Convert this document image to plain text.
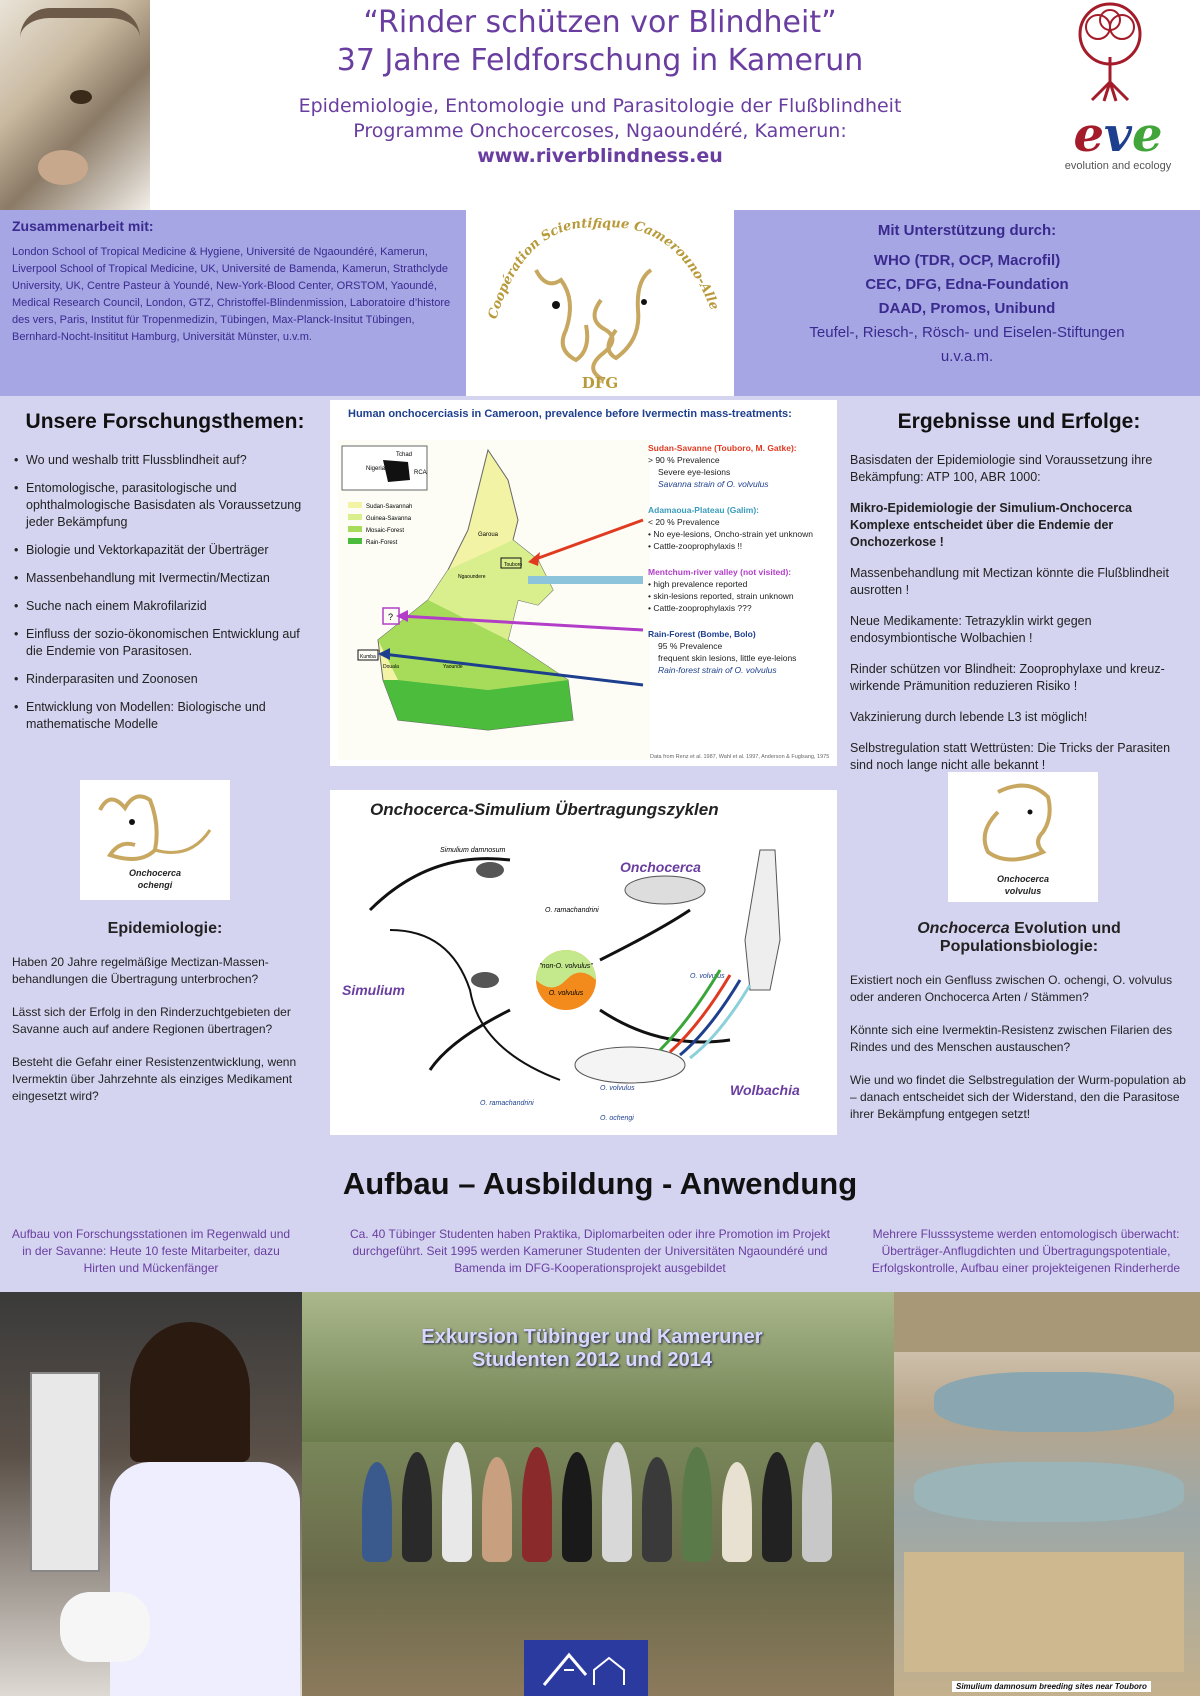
“Rinder schützen vor Blindheit”
37 Jahre Feldforschung in Kamerun
Epidemiologie, Entomologie und Parasitologie der Flußblindheit
Programme Onchocercoses, Ngaoundéré, Kamerun:
www.riverblindness.eu	eve
evolution and ecology
Zusammenarbeit mit:
London School of Tropical Medicine & Hygiene, Université de Ngaoundéré, Kamerun, Liverpool School of Tropical Medicine, UK, Université de Bamenda, Kamerun, Strathclyde University, UK, Centre Pasteur à Youndé, New-York-Blood Center, ORSTOM, Yaoundé, Medical Research Council, London, GTZ, Christoffel-Blindenmission, Laboratoire d’histore des vers, Paris, Institut für Tropenmedizin, Tübingen, Max-Planck-Insitut Tübingen, Bernhard-Nocht-Insititut Hamburg, Universität Münster, u.v.m.
Coopération Scientifique Camerouno-Alle
DFG
Mit Unterstützung durch:
WHO (TDR, OCP, Macrofil)
CEC, DFG, Edna-Foundation
DAAD, Promos, Unibund
Teufel-, Riesch-, Rösch- und Eiselen-Stiftungen
u.v.a.m.
Unsere Forschungsthemen:
• Wo und weshalb tritt Flussblindheit auf?
• Entomologische, parasitologische und ophthalmologische Basisdaten als Voraussetzung jeder Bekämpfung
• Biologie und Vektorkapazität der Überträger
• Massenbehandlung mit Ivermectin/Mectizan
• Suche nach einem Makrofilarizid
• Einfluss der sozio-ökonomischen Entwicklung auf die Endemie von Parasitosen.
• Rinderparasiten und Zoonosen
• Entwicklung von Modellen: Biologische und mathematische Modelle
Human onchocerciasis in Cameroon, prevalence before Ivermectin mass-treatments:
Tchad
Nigeria
RCA
Sudan-Savannah
Guinea-Savanna
Mosaic-Forest
Rain-Forest
Garoua
Touboro
Ngaoundere
?
Kumba
Douala	Yaounde
Sudan-Savanne (Touboro, M. Gatke):
> 90 % Prevalence
Severe eye-lesions
Savanna strain of O. volvulus
Adamaoua-Plateau (Galim):
< 20 % Prevalence
• No eye-lesions, Oncho-strain yet unknown
• Cattle-zooprophylaxis !!
Mentchum-river valley (not visited):
• high prevalence reported
• skin-lesions reported, strain unknown
• Cattle-zooprophylaxis ???
Rain-Forest (Bombe, Bolo)
95 % Prevalence
frequent skin lesions, little eye-leions
Rain-forest strain of O. volvulus
Data from Renz et al. 1987, Wahl et al. 1997, Anderson & Fuglsang, 1975
Ergebnisse und Erfolge:

Basisdaten der Epidemiologie sind Voraussetzung ihre Bekämpfung: ATP 100, ABR 1000:

Mikro-Epidemiologie der Simulium-Onchocerca Komplexe entscheidet über die Endemie der Onchozerkose !

Massenbehandlung mit Mectizan könnte die Flußblindheit ausrotten !

Neue Medikamente: Tetrazyklin wirkt gegen endosymbiontische Wolbachien !

Rinder schützen vor Blindheit: Zooprophylaxe und kreuz-wirkende Prämunition reduzieren Risiko !

Vakzinierung durch lebende L3 ist möglich!

Selbstregulation statt Wettrüsten: Die Tricks der Parasiten sind noch lange nicht alle bekannt !

Onchocerca
ochengi
Onchocerca
volvulus
Onchocerca-Simulium Übertragungszyklen
"non-O. volvulus"
O. volvulus
Simulium damnosum
Onchocerca
O. ramachandrini
Simulium
O. volvulus
Wolbachia
O. ramachandrini
O. volvulus
O. ochengi
Epidemiologie:

Haben 20 Jahre regelmäßige Mectizan-Massen-behandlungen die Übertragung unterbrochen?

Lässt sich der Erfolg in den Rinderzuchtgebieten der Savanne auch auf andere Regionen übertragen?

Besteht die Gefahr einer Resistenzentwicklung, wenn Ivermektin über Jahrzehnte als einziges Medikament eingesetzt wird?

Onchocerca Evolution und Populationsbiologie:

Existiert noch ein Genfluss zwischen O. ochengi, O. volvulus oder anderen Onchocerca Arten / Stämmen?

Könnte sich eine Ivermektin-Resistenz zwischen Filarien des Rindes und des Menschen austauschen?

Wie und wo findet die Selbstregulation der Wurm-population ab – danach entscheidet sich der Widerstand, den die Parasitose ihrer Bekämpfung entgegen setzt!

Aufbau – Ausbildung - Anwendung
Aufbau von Forschungsstationen im Regenwald und in der Savanne: Heute 10 feste Mitarbeiter, dazu Hirten und Mückenfänger
Ca. 40 Tübinger Studenten haben Praktika, Diplomarbeiten oder ihre Promotion im Projekt durchgeführt. Seit 1995 werden Kameruner Studenten der Universitäten Ngaoundéré und Bamenda im DFG-Kooperationsprojekt ausgebildet
Mehrere Flusssysteme werden entomologisch überwacht: Überträger-Anflugdichten und Übertragungspotentiale, Erfolgskontrolle, Aufbau einer projekteigenen Rinderherde
Exkursion Tübinger und Kameruner Studenten 2012 und 2014
Simulium damnosum breeding sites near Touboro
